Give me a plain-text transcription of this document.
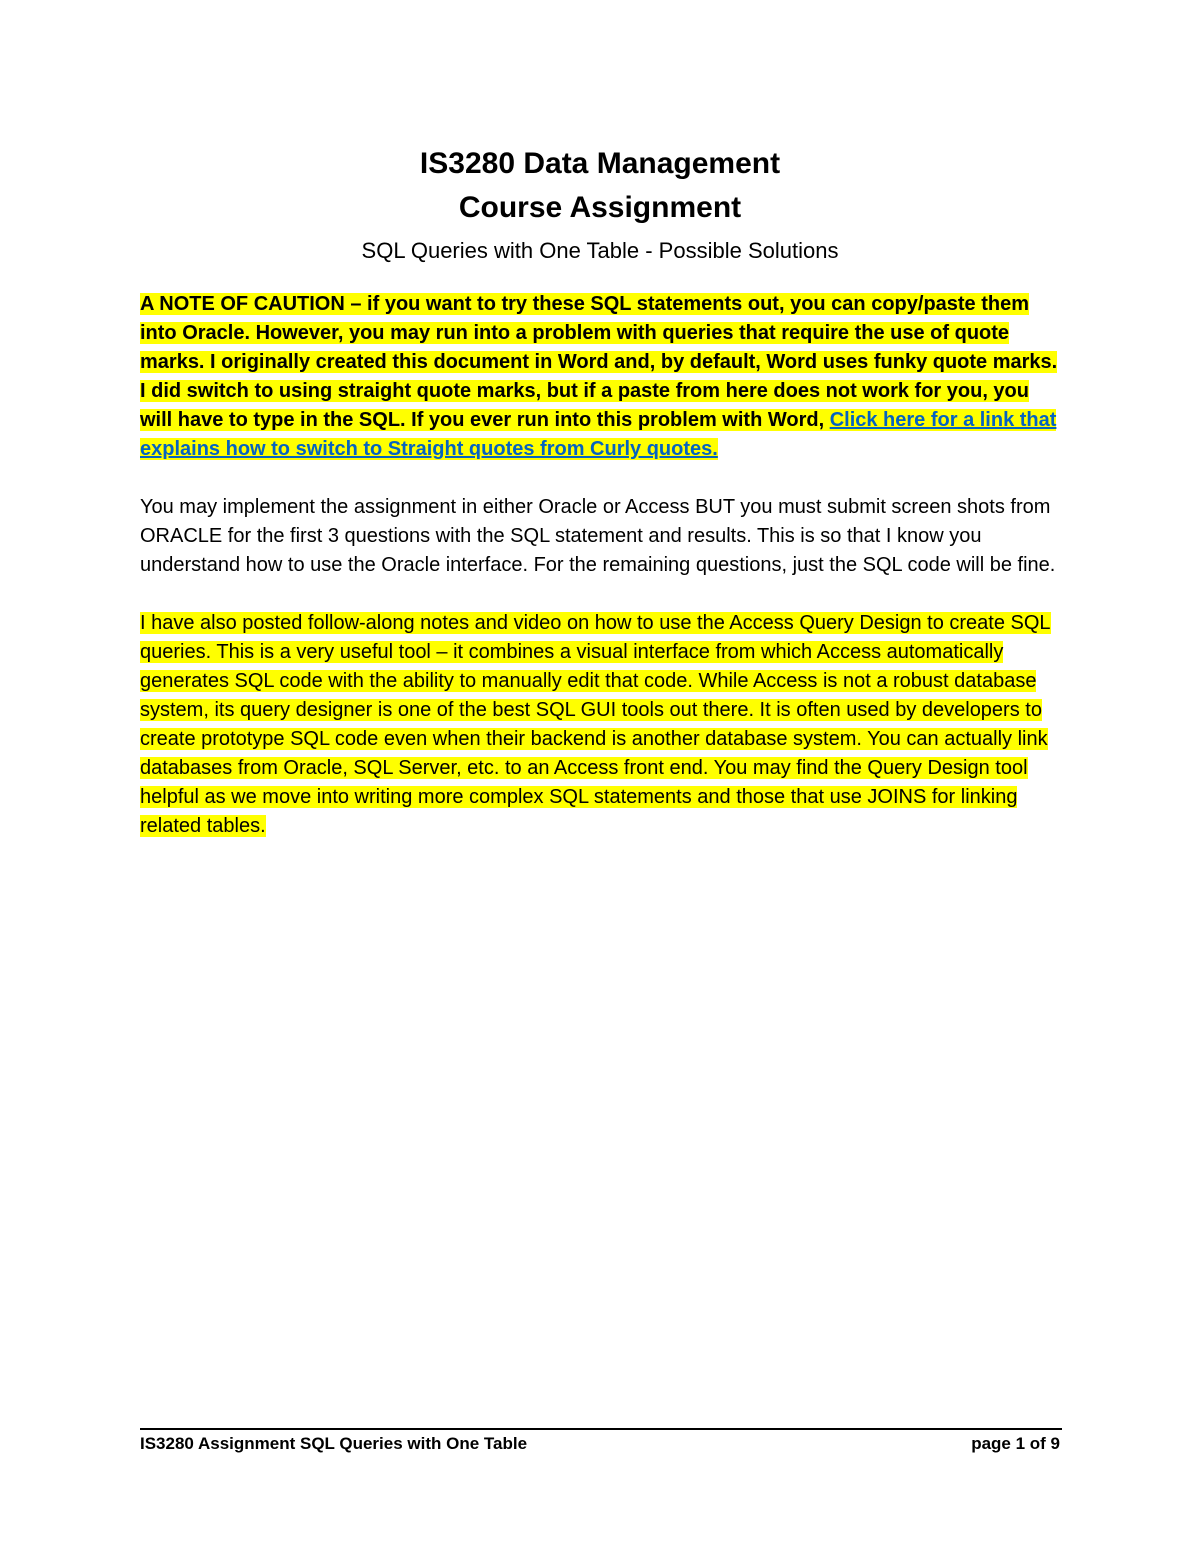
IS3280 Data Management
Course Assignment
SQL Queries with One Table - Possible Solutions

A NOTE OF CAUTION – if you want to try these SQL statements out, you can copy/paste them into Oracle. However, you may run into a problem with queries that require the use of quote marks. I originally created this document in Word and, by default, Word uses funky quote marks. I did switch to using straight quote marks, but if a paste from here does not work for you, you will have to type in the SQL. If you ever run into this problem with Word, Click here for a link that explains how to switch to Straight quotes from Curly quotes.

You may implement the assignment in either Oracle or Access BUT you must submit screen shots from ORACLE for the first 3 questions with the SQL statement and results. This is so that I know you understand how to use the Oracle interface. For the remaining questions, just the SQL code will be fine.

I have also posted follow-along notes and video on how to use the Access Query Design to create SQL queries. This is a very useful tool – it combines a visual interface from which Access automatically generates SQL code with the ability to manually edit that code. While Access is not a robust database system, its query designer is one of the best SQL GUI tools out there. It is often used by developers to create prototype SQL code even when their backend is another database system. You can actually link databases from Oracle, SQL Server, etc. to an Access front end. You may find the Query Design tool helpful as we move into writing more complex SQL statements and those that use JOINS for linking related tables.

IS3280 Assignment SQL Queries with One Table	page 1 of 9
